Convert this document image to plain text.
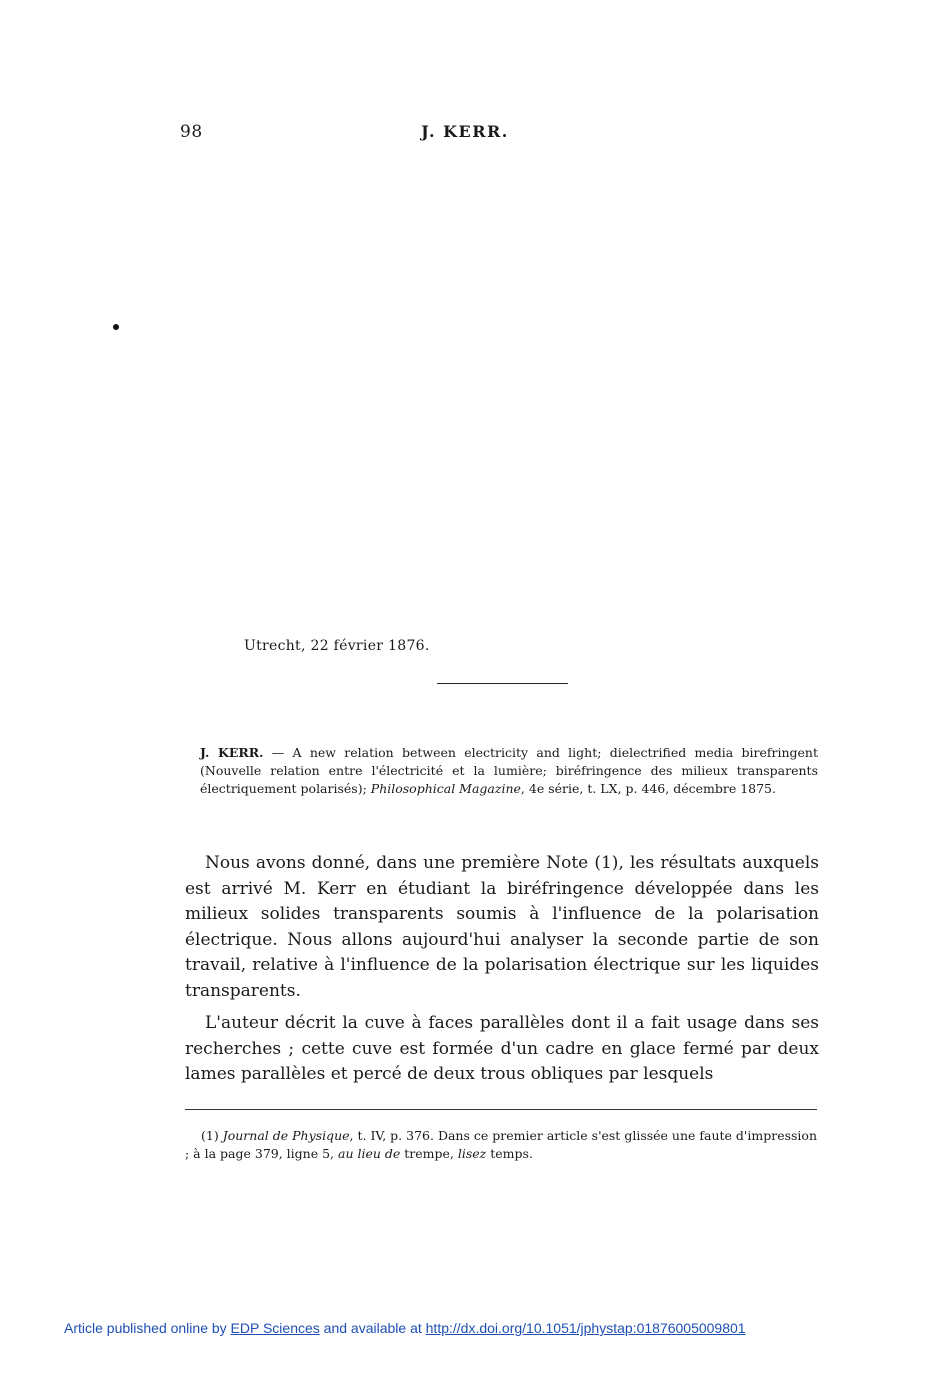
98	J. KERR.
Utrecht, 22 février 1876.
J. KERR. — A new relation between electricity and light; dielectrified media birefringent (Nouvelle relation entre l'électricité et la lumière; biréfringence des milieux transparents électriquement polarisés); Philosophical Magazine, 4e série, t. LX, p. 446, décembre 1875.
Nous avons donné, dans une première Note (1), les résultats auxquels est arrivé M. Kerr en étudiant la biréfringence développée dans les milieux solides transparents soumis à l'influence de la polarisation électrique. Nous allons aujourd'hui analyser la seconde partie de son travail, relative à l'influence de la polarisation électrique sur les liquides transparents.
L'auteur décrit la cuve à faces parallèles dont il a fait usage dans ses recherches ; cette cuve est formée d'un cadre en glace fermé par deux lames parallèles et percé de deux trous obliques par lesquels
(1) Journal de Physique, t. IV, p. 376. Dans ce premier article s'est glissée une faute d'impression ; à la page 379, ligne 5, au lieu de trempe, lisez temps.
Article published online by EDP Sciences and available at http://dx.doi.org/10.1051/jphystap:01876005009801
